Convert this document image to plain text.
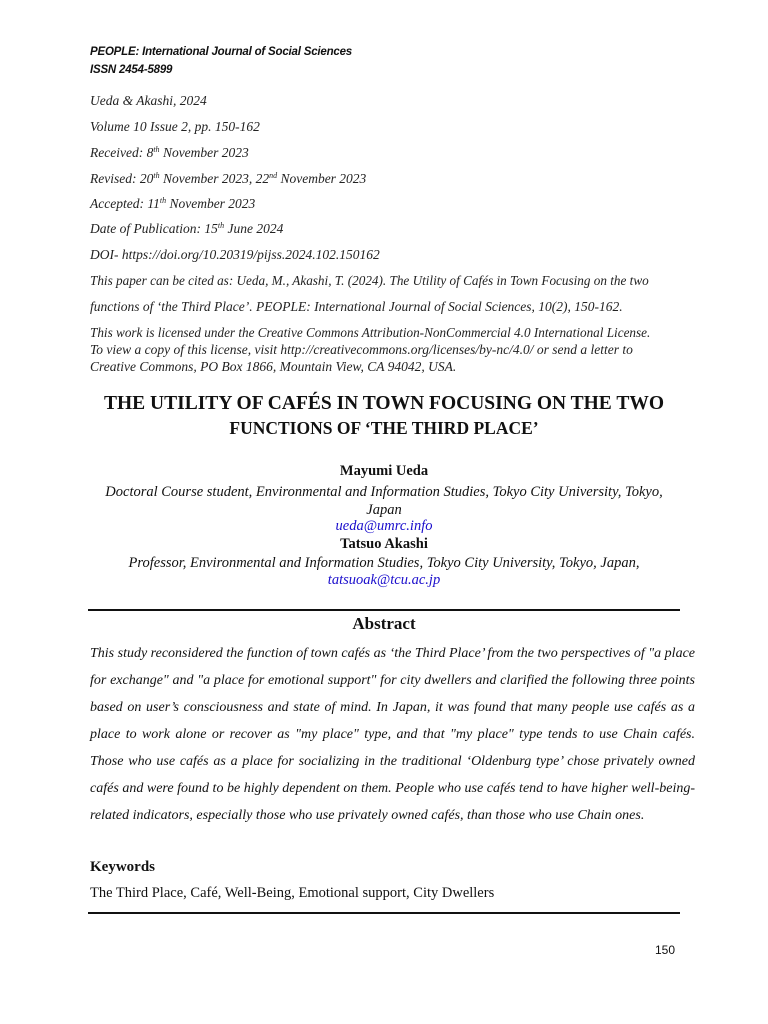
PEOPLE: International Journal of Social Sciences
ISSN 2454-5899
Ueda & Akashi, 2024
Volume 10 Issue 2, pp. 150-162
Received: 8th November 2023
Revised: 20th November 2023, 22nd November 2023
Accepted: 11th November 2023
Date of Publication: 15th June 2024
DOI- https://doi.org/10.20319/pijss.2024.102.150162
This paper can be cited as: Ueda, M., Akashi, T. (2024). The Utility of Cafés in Town Focusing on the two
functions of ‘the Third Place’. PEOPLE: International Journal of Social Sciences, 10(2), 150-162.
This work is licensed under the Creative Commons Attribution-NonCommercial 4.0 International License.
To view a copy of this license, visit http://creativecommons.org/licenses/by-nc/4.0/ or send a letter to
Creative Commons, PO Box 1866, Mountain View, CA 94042, USA.
THE UTILITY OF CAFÉS IN TOWN FOCUSING ON THE TWO
FUNCTIONS OF ‘THE THIRD PLACE’
Mayumi Ueda
Doctoral Course student, Environmental and Information Studies, Tokyo City University, Tokyo,
Japan
ueda@umrc.info
Tatsuo Akashi
Professor, Environmental and Information Studies, Tokyo City University, Tokyo, Japan,
tatsuoak@tcu.ac.jp
Abstract
This study reconsidered the function of town cafés as ‘the Third Place’ from the two perspectives of "a place for exchange" and "a place for emotional support" for city dwellers and clarified the following three points based on user’s consciousness and state of mind. In Japan, it was found that many people use cafés as a place to work alone or recover as "my place" type, and that "my place" type tends to use Chain cafés. Those who use cafés as a place for socializing in the traditional ‘Oldenburg type’ chose privately owned cafés and were found to be highly dependent on them. People who use cafés tend to have higher well-being-related indicators, especially those who use privately owned cafés, than those who use Chain ones.
Keywords
The Third Place, Café, Well-Being, Emotional support, City Dwellers
150
